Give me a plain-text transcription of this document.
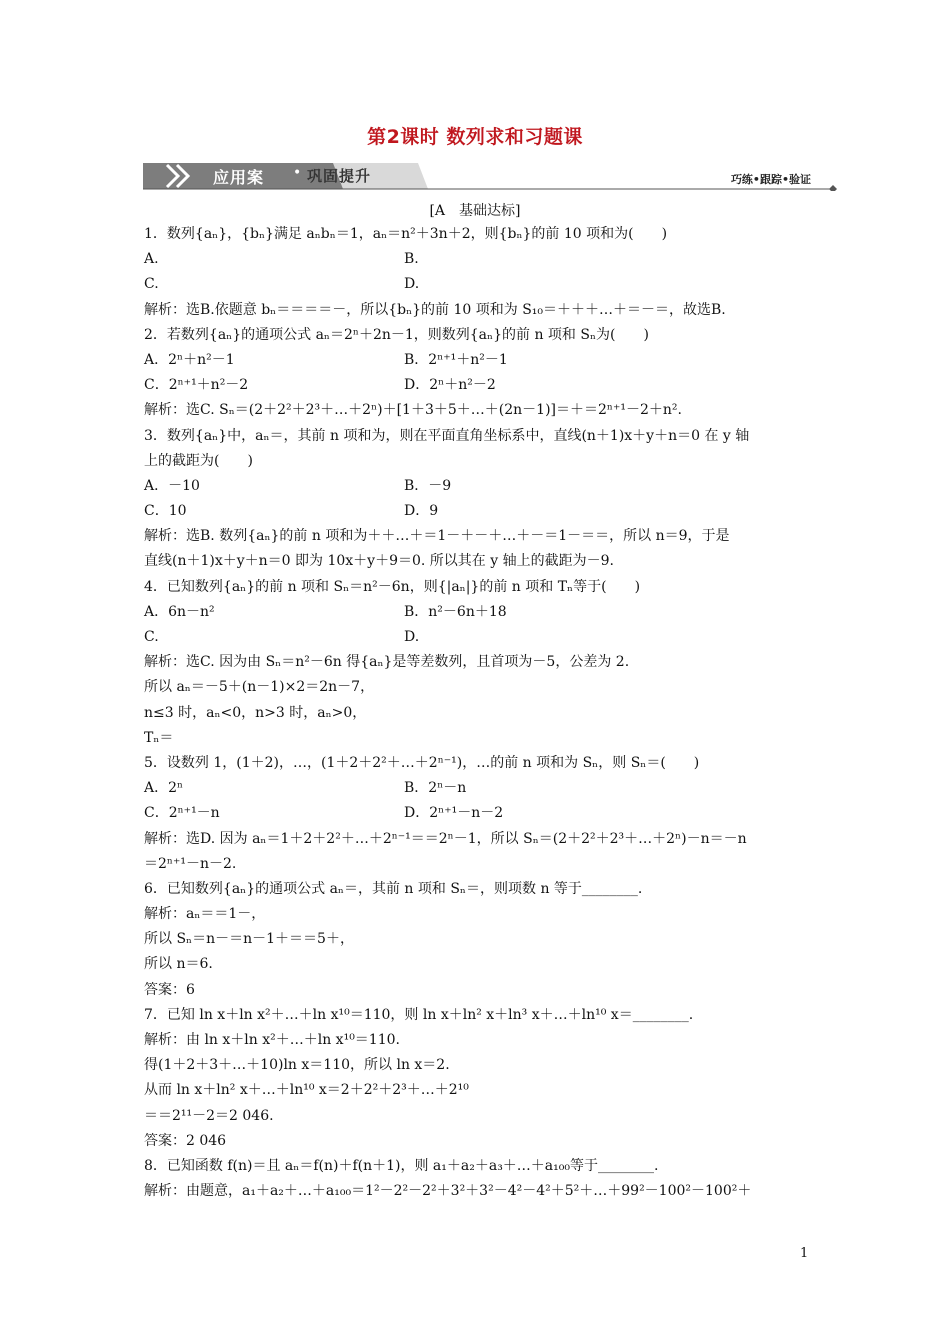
第2课时 数列求和习题课
应用案 • 巩固提升	巧练•跟踪•验证
[A　基础达标]
1．数列{aₙ}，{bₙ}满足 aₙbₙ＝1，aₙ＝n²＋3n＋2，则{bₙ}的前 10 项和为(　　)
A.	B.
C.	D.
解析：选B.依题意 bₙ＝＝＝＝－，所以{bₙ}的前 10 项和为 S₁₀＝＋＋＋…＋＝－＝，故选B.
2．若数列{aₙ}的通项公式 aₙ＝2ⁿ＋2n－1，则数列{aₙ}的前 n 项和 Sₙ为(　　)
A．2ⁿ＋n²－1	B．2ⁿ⁺¹＋n²－1
C．2ⁿ⁺¹＋n²－2	D．2ⁿ＋n²－2
解析：选C. Sₙ＝(2＋2²＋2³＋…＋2ⁿ)＋[1＋3＋5＋…＋(2n－1)]＝＋＝2ⁿ⁺¹－2＋n².
3．数列{aₙ}中，aₙ＝，其前 n 项和为，则在平面直角坐标系中，直线(n＋1)x＋y＋n＝0 在 y 轴
上的截距为(　　)
A．－10	B．－9
C．10	D．9
解析：选B. 数列{aₙ}的前 n 项和为＋＋…＋＝1－＋－＋…＋－＝1－＝＝，所以 n＝9，于是
直线(n＋1)x＋y＋n＝0 即为 10x＋y＋9＝0. 所以其在 y 轴上的截距为－9.
4．已知数列{aₙ}的前 n 项和 Sₙ＝n²－6n，则{|aₙ|}的前 n 项和 Tₙ等于(　　)
A．6n－n²	B．n²－6n＋18
C.	D.
解析：选C. 因为由 Sₙ＝n²－6n 得{aₙ}是等差数列，且首项为－5，公差为 2.
所以 aₙ＝－5＋(n－1)×2＝2n－7，
n≤3 时，aₙ<0，n>3 时，aₙ>0，
Tₙ＝
5．设数列 1，(1＋2)，…，(1＋2＋2²＋…＋2ⁿ⁻¹)，…的前 n 项和为 Sₙ，则 Sₙ＝(　　)
A．2ⁿ	B．2ⁿ－n
C．2ⁿ⁺¹－n	D．2ⁿ⁺¹－n－2
解析：选D. 因为 aₙ＝1＋2＋2²＋…＋2ⁿ⁻¹＝＝2ⁿ－1，所以 Sₙ＝(2＋2²＋2³＋…＋2ⁿ)－n＝－n
＝2ⁿ⁺¹－n－2.
6．已知数列{aₙ}的通项公式 aₙ＝，其前 n 项和 Sₙ＝，则项数 n 等于________.
解析：aₙ＝＝1－，
所以 Sₙ＝n－＝n－1＋＝＝5＋，
所以 n＝6.
答案：6
7．已知 ln x＋ln x²＋…＋ln x¹⁰＝110，则 ln x＋ln² x＋ln³ x＋…＋ln¹⁰ x＝________.
解析：由 ln x＋ln x²＋…＋ln x¹⁰＝110.
得(1＋2＋3＋…＋10)ln x＝110，所以 ln x＝2.
从而 ln x＋ln² x＋…＋ln¹⁰ x＝2＋2²＋2³＋…＋2¹⁰
＝＝2¹¹－2＝2 046.
答案：2 046
8．已知函数 f(n)＝且 aₙ＝f(n)＋f(n＋1)，则 a₁＋a₂＋a₃＋…＋a₁₀₀等于________.
解析：由题意，a₁＋a₂＋…＋a₁₀₀＝1²－2²－2²＋3²＋3²－4²－4²＋5²＋…＋99²－100²－100²＋
1
